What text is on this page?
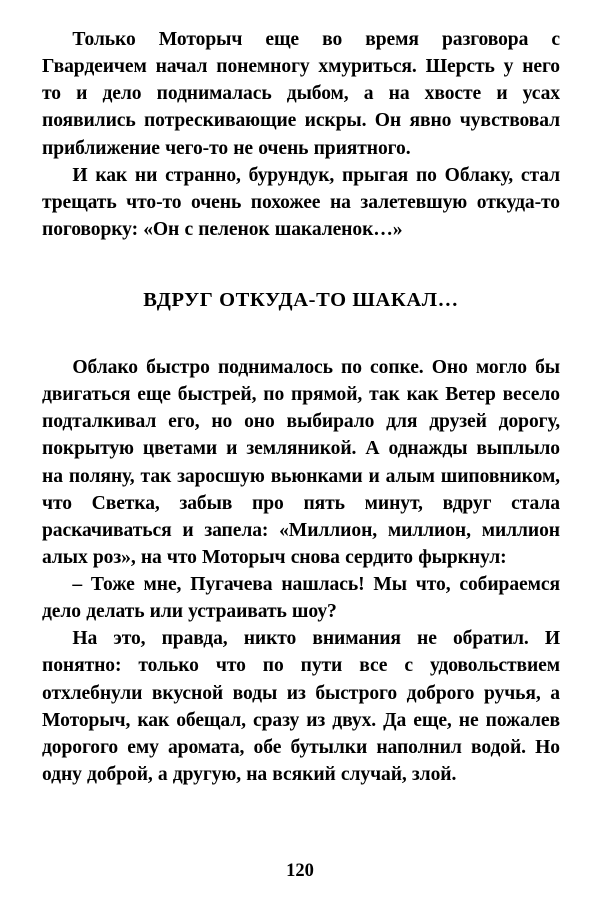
Только Моторыч еще во время разговора с Гвардеичем начал понемногу хмуриться. Шерсть у него то и дело поднималась дыбом, а на хвосте и усах появились потрескивающие искры. Он явно чувствовал приближение чего-то не очень приятного.

И как ни странно, бурундук, прыгая по Облаку, стал трещать что-то очень похожее на залетевшую откуда-то поговорку: «Он с пеленок шакаленок…»

ВДРУГ ОТКУДА-ТО ШАКАЛ…

Облако быстро поднималось по сопке. Оно могло бы двигаться еще быстрей, по прямой, так как Ветер весело подталкивал его, но оно выбирало для друзей дорогу, покрытую цветами и земляникой. А однажды выплыло на поляну, так заросшую вьюнками и алым шиповником, что Светка, забыв про пять минут, вдруг стала раскачиваться и запела: «Миллион, миллион, миллион алых роз», на что Моторыч снова сердито фыркнул:

– Тоже мне, Пугачева нашлась! Мы что, собираемся дело делать или устраивать шоу?

На это, правда, никто внимания не обратил. И понятно: только что по пути все с удовольствием отхлебнули вкусной воды из быстрого доброго ручья, а Моторыч, как обещал, сразу из двух. Да еще, не пожалев дорогого ему аромата, обе бутылки наполнил водой. Но одну доброй, а другую, на всякий случай, злой.

120
